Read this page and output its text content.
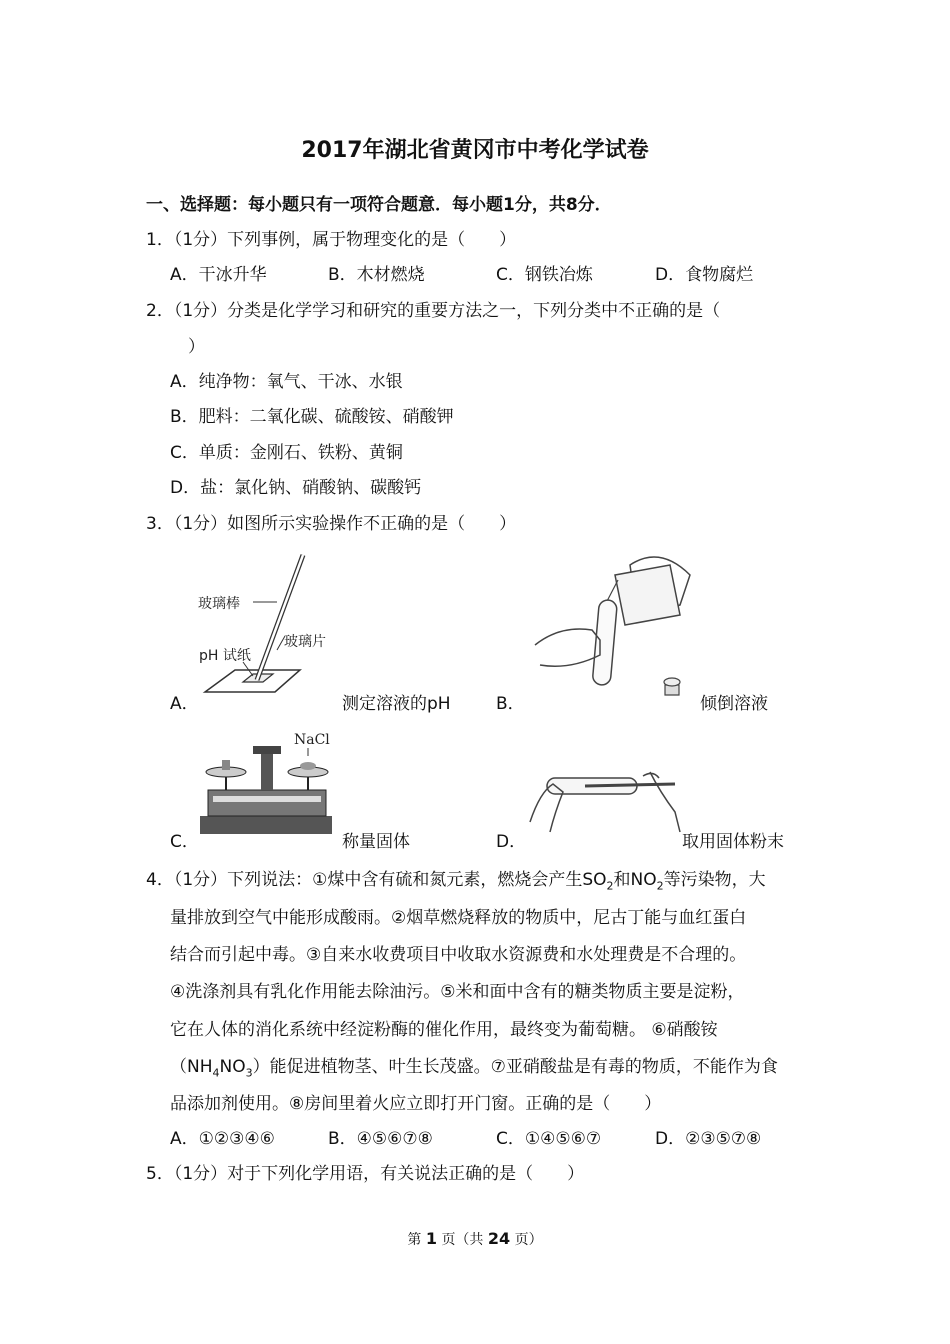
2017年湖北省黄冈市中考化学试卷
一、选择题：每小题只有一项符合题意．每小题1分，共8分．
1．（1分）下列事例，属于物理变化的是（　　）
A．干冰升华	B．木材燃烧	C．钢铁冶炼	D．食物腐烂
2．（1分）分类是化学学习和研究的重要方法之一，下列分类中不正确的是（
）
A．纯净物：氧气、干冰、水银
B．肥料：二氧化碳、硫酸铵、硝酸钾
C．单质：金刚石、铁粉、黄铜
D．盐：氯化钠、硝酸钠、碳酸钙
3．（1分）如图所示实验操作不正确的是（　　）
玻璃棒
pH 试纸
玻璃片
A．	测定溶液的pH	B．	倾倒溶液
NaCl
C．	称量固体	D．	取用固体粉末
4．（1分）下列说法：①煤中含有硫和氮元素，燃烧会产生$SO_2$和$NO_2$等污染物，大
量排放到空气中能形成酸雨。②烟草燃烧释放的物质中，尼古丁能与血红蛋白
结合而引起中毒。③自来水收费项目中收取水资源费和水处理费是不合理的。
④洗涤剂具有乳化作用能去除油污。⑤米和面中含有的糖类物质主要是淀粉，
它在人体的消化系统中经淀粉酶的催化作用，最终变为葡萄糖。 ⑥硝酸铵
$(NH_4NO_3)$能促进植物茎、叶生长茂盛。⑦亚硝酸盐是有毒的物质，不能作为食
品添加剂使用。⑧房间里着火应立即打开门窗。正确的是（　　）
A．①②③④⑥	B．④⑤⑥⑦⑧	C．①④⑤⑥⑦	D．②③⑤⑦⑧
5．（1分）对于下列化学用语，有关说法正确的是（　　）
第 1 页（共 24 页）
